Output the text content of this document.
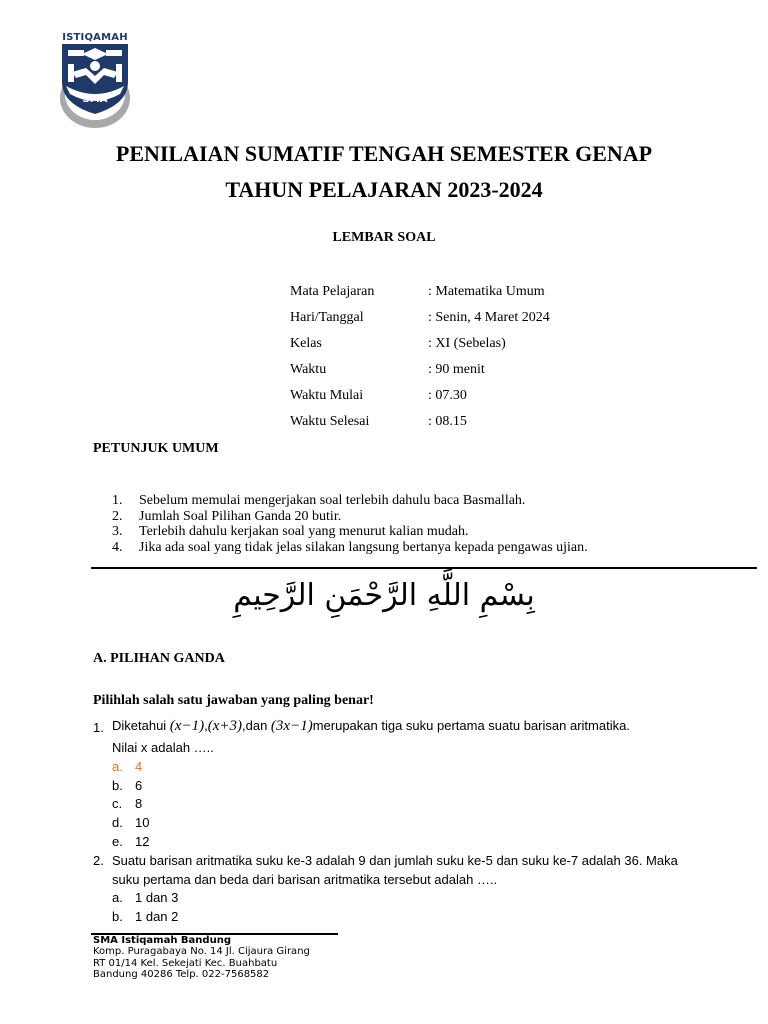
ISTIQAMAH
SMA
PENILAIAN SUMATIF TENGAH SEMESTER GENAP
TAHUN PELAJARAN 2023-2024
LEMBAR SOAL
Mata Pelajaran	: Matematika Umum
Hari/Tanggal	: Senin, 4 Maret 2024
Kelas	: XI (Sebelas)
Waktu	: 90 menit
Waktu Mulai	: 07.30
Waktu Selesai	: 08.15
PETUNJUK UMUM
1.	Sebelum memulai mengerjakan soal terlebih dahulu baca Basmallah.
2.	Jumlah Soal Pilihan Ganda 20 butir.
3.	Terlebih dahulu kerjakan soal yang menurut kalian mudah.
4.	Jika ada soal yang tidak jelas silakan langsung bertanya kepada pengawas ujian.
بِسْمِ اللَّهِ الرَّحْمَنِ الرَّحِيمِ
A. PILIHAN GANDA
Pilihlah salah satu jawaban yang paling benar!
1. Diketahui (x−1),(x+3),dan (3x−1)merupakan tiga suku pertama suatu barisan aritmatika.
Nilai x adalah …..
a. 4
b. 6
c. 8
d. 10
e. 12
2. Suatu barisan aritmatika suku ke-3 adalah 9 dan jumlah suku ke-5 dan suku ke-7 adalah 36. Maka
suku pertama dan beda dari barisan aritmatika tersebut adalah …..
a. 1 dan 3
b. 1 dan 2
SMA Istiqamah Bandung
Komp. Puragabaya No. 14 Jl. Cijaura Girang
RT 01/14 Kel. Sekejati Kec. Buahbatu
Bandung 40286 Telp. 022-7568582
